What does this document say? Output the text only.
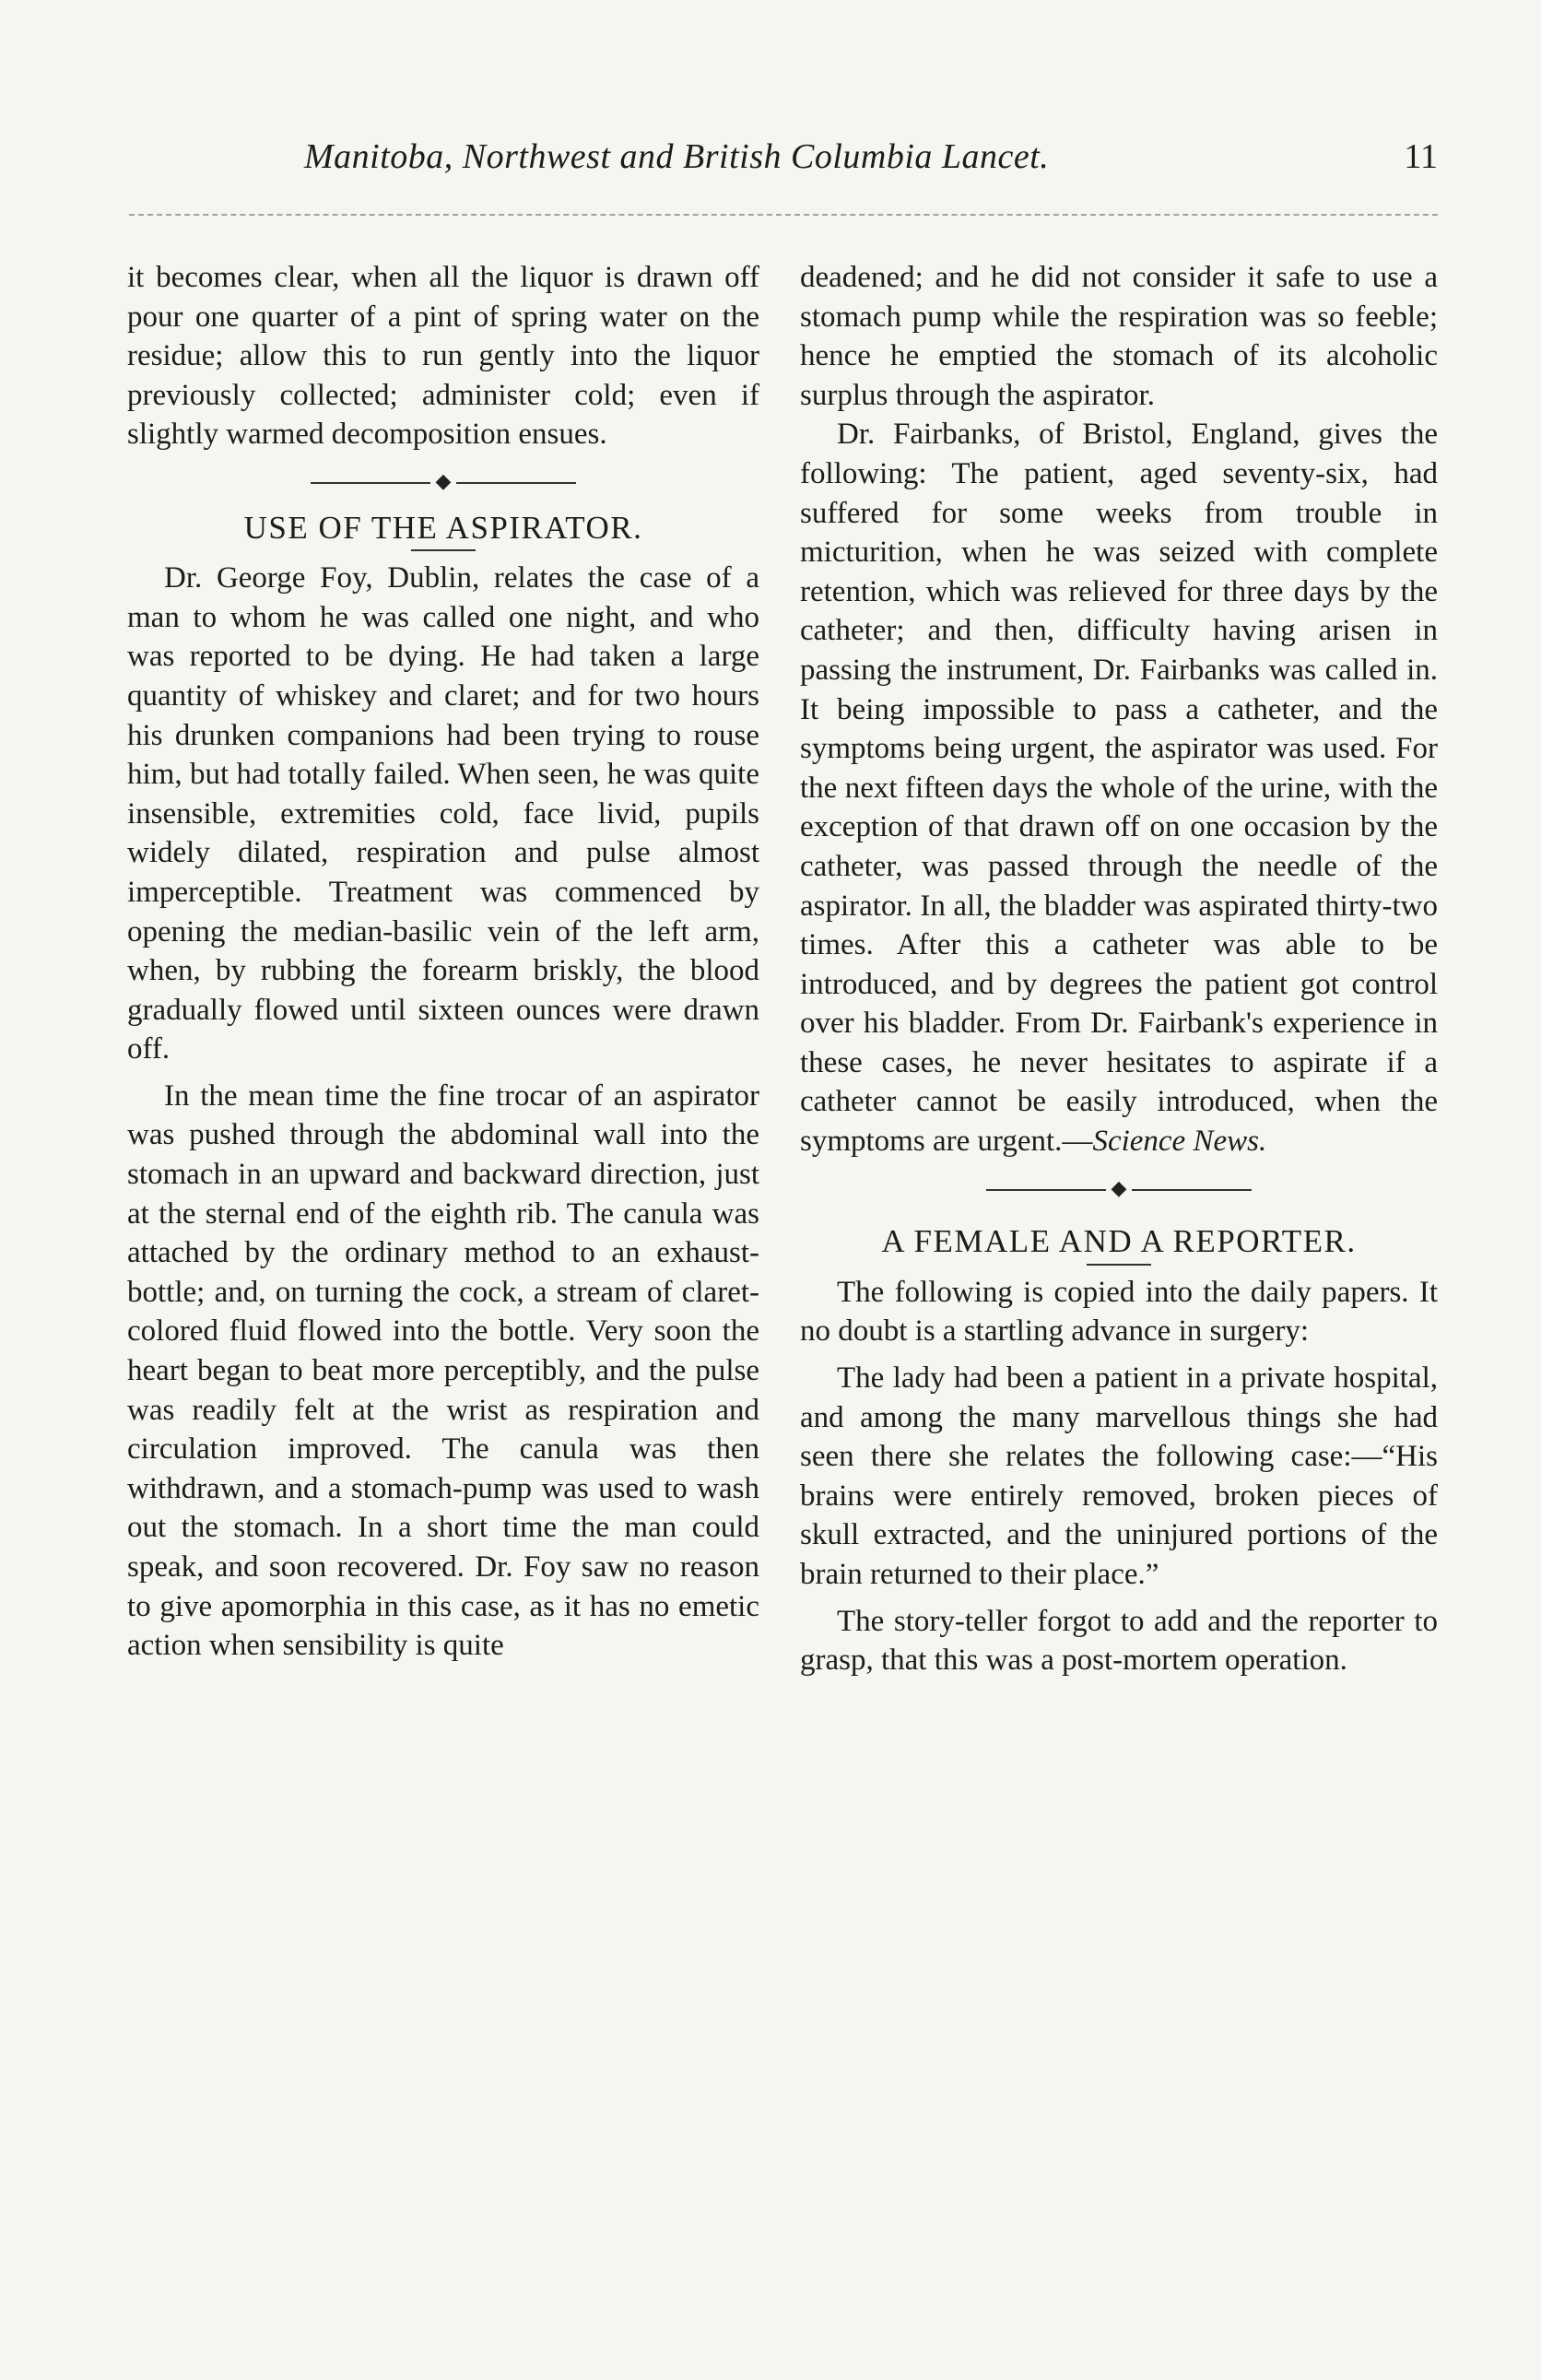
Manitoba, Northwest and British Columbia Lancet.	11

it becomes clear, when all the liquor is drawn off pour one quarter of a pint of spring water on the residue; allow this to run gently into the liquor previously collected; administer cold; even if slightly warmed decomposition ensues.

◆
USE OF THE ASPIRATOR.

Dr. George Foy, Dublin, relates the case of a man to whom he was called one night, and who was reported to be dying. He had taken a large quantity of whiskey and claret; and for two hours his drunken companions had been trying to rouse him, but had totally failed. When seen, he was quite insensible, extremities cold, face livid, pupils widely dilated, respiration and pulse almost imperceptible. Treatment was commenced by opening the median-basilic vein of the left arm, when, by rubbing the forearm briskly, the blood gradually flowed until sixteen ounces were drawn off.

In the mean time the fine trocar of an aspirator was pushed through the abdominal wall into the stomach in an upward and backward direction, just at the sternal end of the eighth rib. The canula was attached by the ordinary method to an exhaust-bottle; and, on turning the cock, a stream of claret-colored fluid flowed into the bottle. Very soon the heart began to beat more perceptibly, and the pulse was readily felt at the wrist as respiration and circulation improved. The canula was then withdrawn, and a stomach-pump was used to wash out the stomach. In a short time the man could speak, and soon recovered. Dr. Foy saw no reason to give apomorphia in this case, as it has no emetic action when sensibility is quite

deadened; and he did not consider it safe to use a stomach pump while the respiration was so feeble; hence he emptied the stomach of its alcoholic surplus through the aspirator.

Dr. Fairbanks, of Bristol, England, gives the following: The patient, aged seventy-six, had suffered for some weeks from trouble in micturition, when he was seized with complete retention, which was relieved for three days by the catheter; and then, difficulty having arisen in passing the instrument, Dr. Fairbanks was called in. It being impossible to pass a catheter, and the symptoms being urgent, the aspirator was used. For the next fifteen days the whole of the urine, with the exception of that drawn off on one occasion by the catheter, was passed through the needle of the aspirator. In all, the bladder was aspirated thirty-two times. After this a catheter was able to be introduced, and by degrees the patient got control over his bladder. From Dr. Fairbank's experience in these cases, he never hesitates to aspirate if a catheter cannot be easily introduced, when the symptoms are urgent.—Science News.

◆
A FEMALE AND A REPORTER.

The following is copied into the daily papers. It no doubt is a startling advance in surgery:

The lady had been a patient in a private hospital, and among the many marvellous things she had seen there she relates the following case:—“His brains were entirely removed, broken pieces of skull extracted, and the uninjured portions of the brain returned to their place.”

The story-teller forgot to add and the reporter to grasp, that this was a post-mortem operation.
